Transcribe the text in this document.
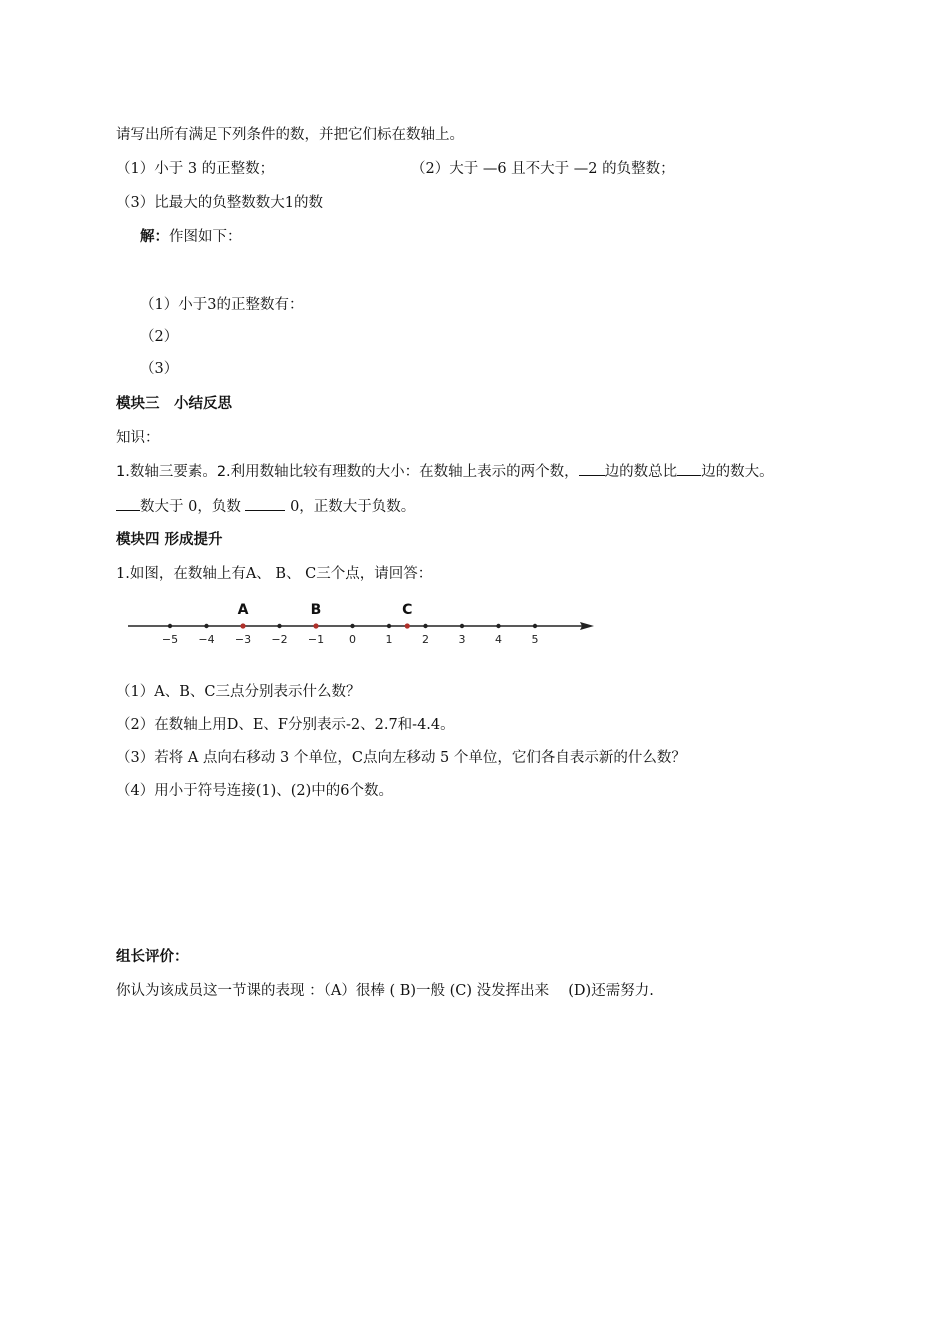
请写出所有满足下列条件的数，并把它们标在数轴上。
（1）小于 3 的正整数；	（2）大于 —6 且不大于 —2 的负整数；
（3）比最大的负整数数大1的数
解：作图如下：
（1）小于3的正整数有：
（2）
（3）
模块三　小结反思
知识：
1.数轴三要素。2.利用数轴比较有理数的大小：在数轴上表示的两个数， 边的数总比 边的数大。
数大于 0，负数	0，正数大于负数。
模块四 形成提升
1.如图，在数轴上有A、 B、 C三个点，请回答：
−5 −4 −3 −2 −1 0	1	2	3	4	5
A	B	C
（1）A、B、C三点分别表示什么数？
（2）在数轴上用D、E、F分别表示-2、2.7和-4.4。
（3）若将 A 点向右移动 3 个单位，C点向左移动 5 个单位，它们各自表示新的什么数？
（4）用小于符号连接(1)、(2)中的6个数。
组长评价：
你认为该成员这一节课的表现 ：（A）很棒 ( B)一般 (C) 没发挥出来　 (D)还需努力.
